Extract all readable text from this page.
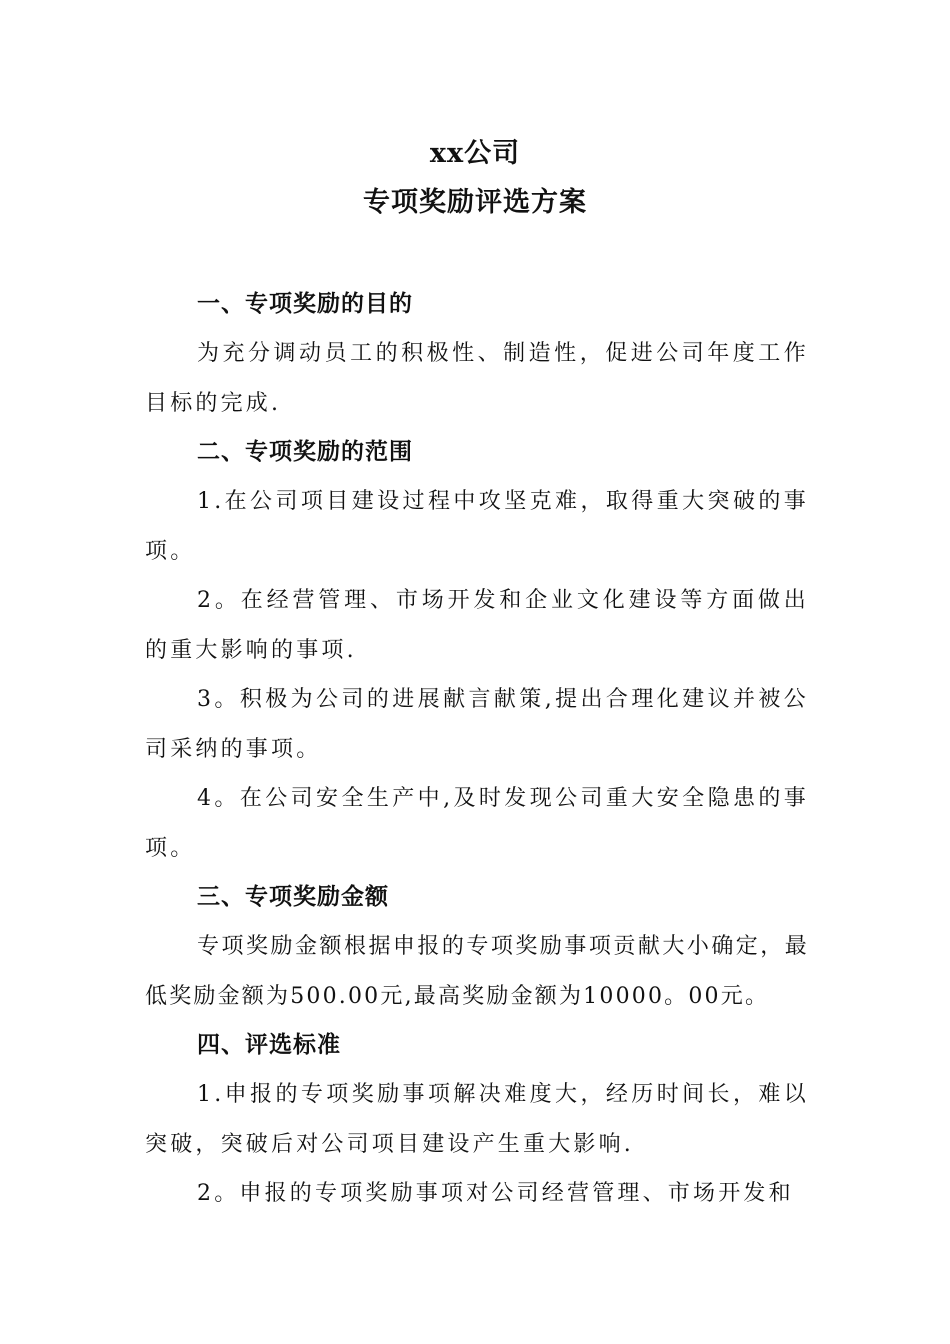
xx公司
专项奖励评选方案
一、专项奖励的目的

为充分调动员工的积极性、制造性，促进公司年度工作目标的完成.

二、专项奖励的范围

1.在公司项目建设过程中攻坚克难，取得重大突破的事项。

2。在经营管理、市场开发和企业文化建设等方面做出的重大影响的事项.

3。积极为公司的进展献言献策,提出合理化建议并被公司采纳的事项。

4。在公司安全生产中,及时发现公司重大安全隐患的事项。

三、专项奖励金额

专项奖励金额根据申报的专项奖励事项贡献大小确定，最低奖励金额为500.00元,最高奖励金额为10000。00元。

四、评选标准

1.申报的专项奖励事项解决难度大，经历时间长，难以突破，突破后对公司项目建设产生重大影响.

2。申报的专项奖励事项对公司经营管理、市场开发和
